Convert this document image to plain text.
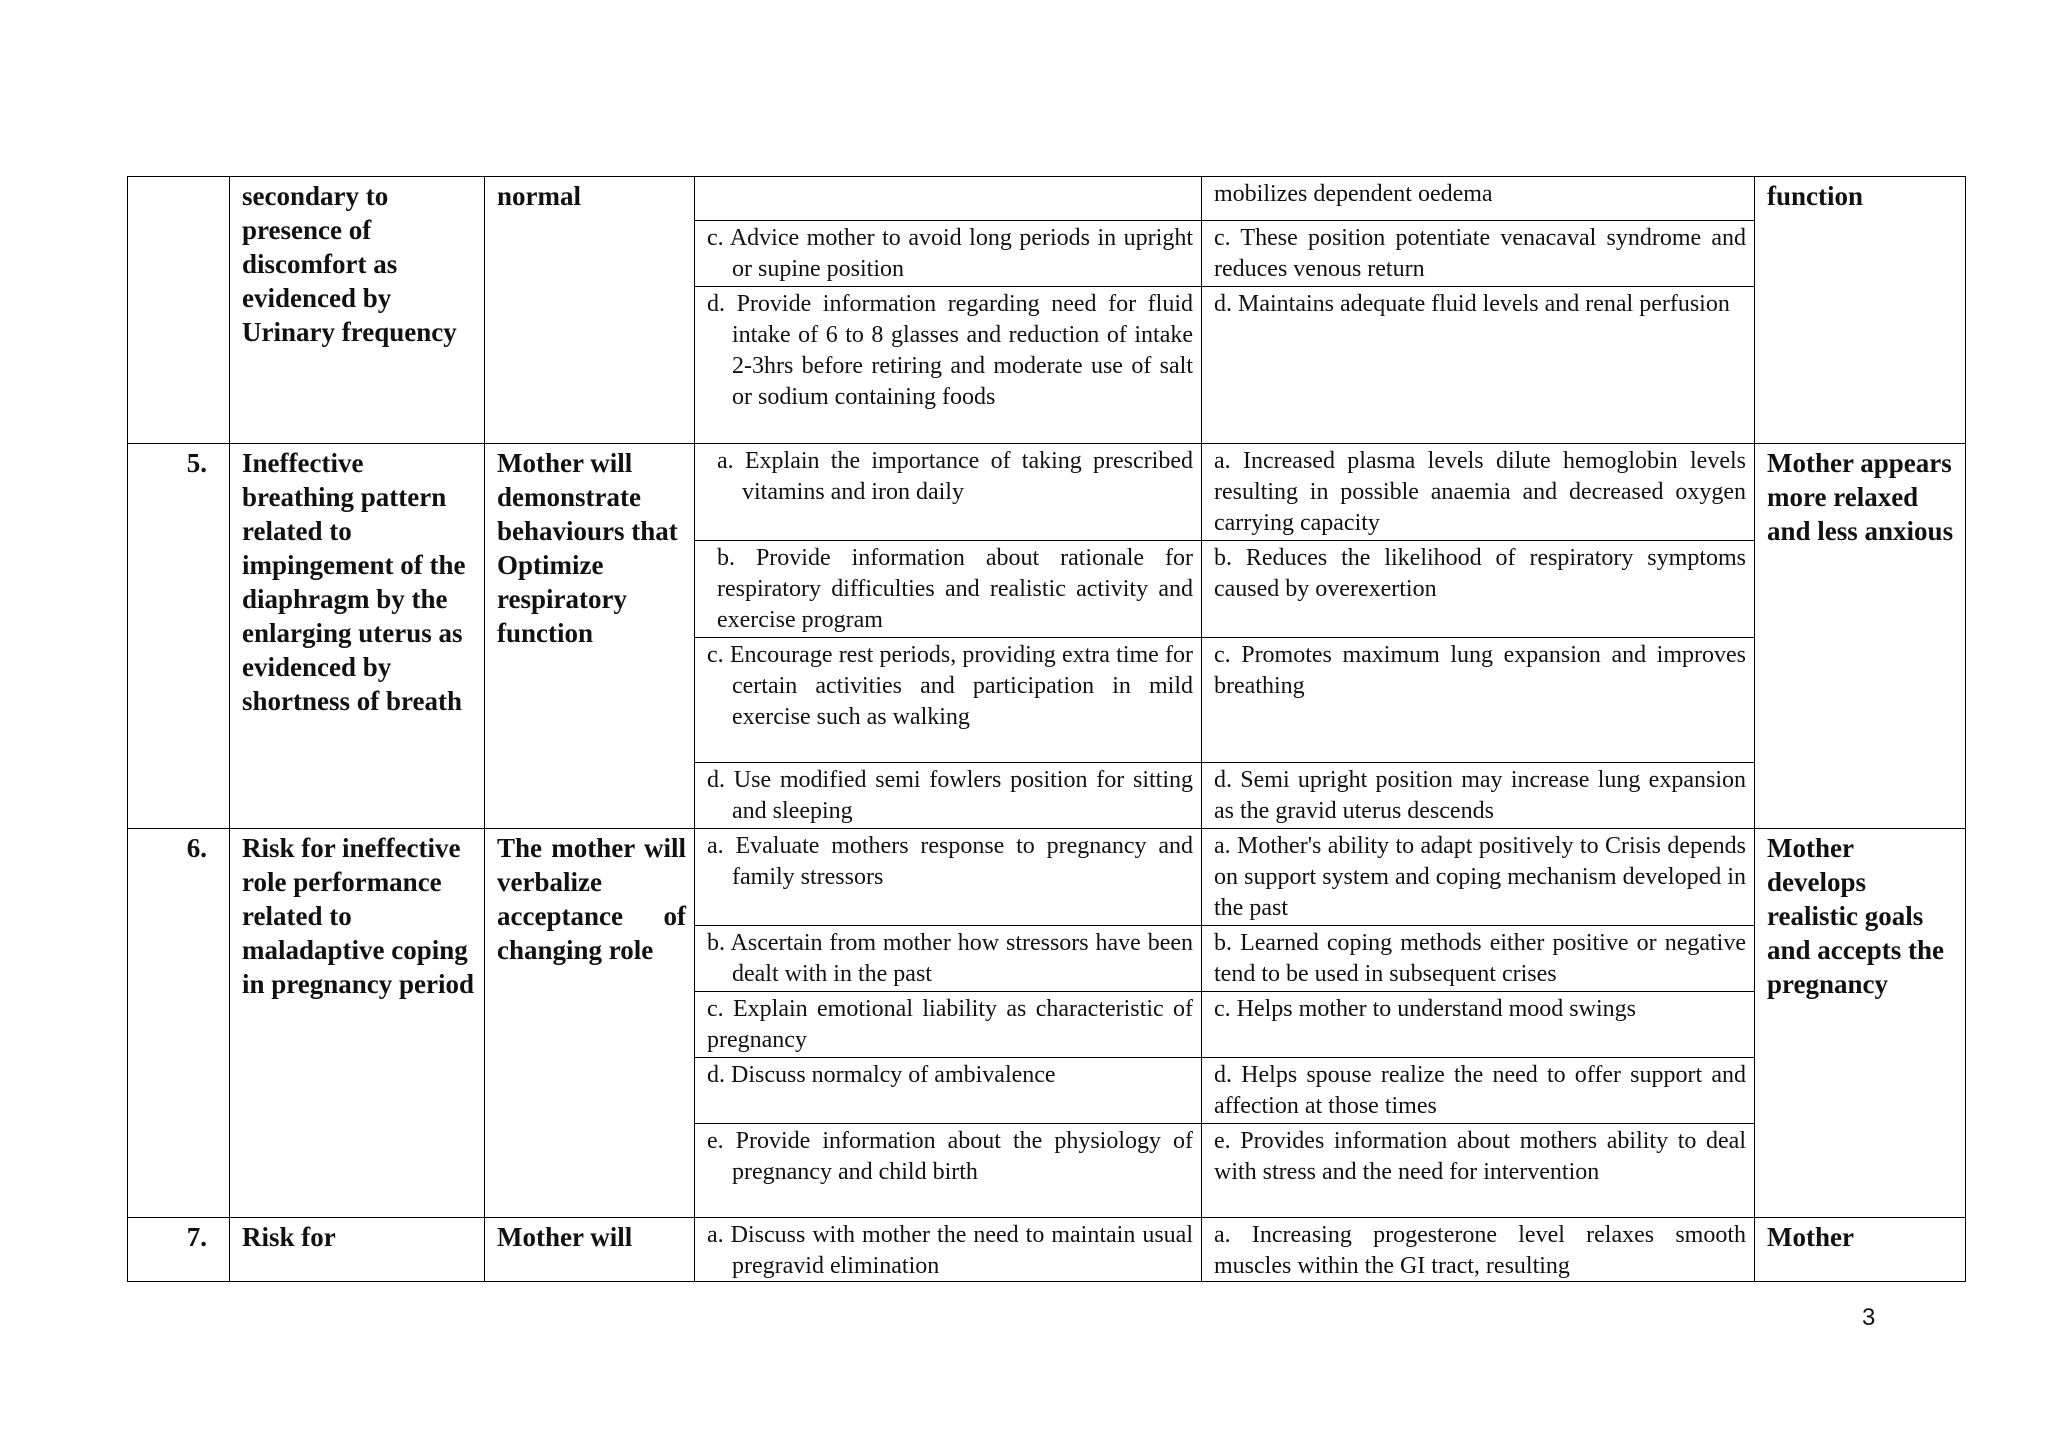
	secondary to presence of discomfort as evidenced by Urinary frequency	normal		mobilizes dependent oedema	function

			c. Advice mother to avoid long periods in upright or supine position	c. These position potentiate venacaval syndrome and reduces venous return	

			d. Provide information regarding need for fluid intake of 6 to 8 glasses and reduction of intake 2-3hrs before retiring and moderate use of salt or sodium containing foods	d. Maintains adequate fluid levels and renal perfusion	
5.	Ineffective breathing pattern related to impingement of the diaphragm by the enlarging uterus as evidenced by shortness of breath	Mother will demonstrate behaviours that Optimize respiratory function	a. Explain the importance of taking prescribed vitamins and iron daily	a. Increased plasma levels dilute hemoglobin levels resulting in possible anaemia and decreased oxygen carrying capacity	Mother appears more relaxed and less anxious

			b. Provide information about rationale for respiratory difficulties and realistic activity and exercise program	b. Reduces the likelihood of respiratory symptoms caused by overexertion	

			c. Encourage rest periods, providing extra time for certain activities and participation in mild exercise such as walking	c. Promotes maximum lung expansion and improves breathing	

			d. Use modified semi fowlers position for sitting and sleeping	d. Semi upright position may increase lung expansion as the gravid uterus descends	
6.	Risk for ineffective role performance related to maladaptive coping in pregnancy period	The mother will verbalize acceptance of changing role	a. Evaluate mothers response to pregnancy and family stressors	a. Mother's ability to adapt positively to Crisis depends on support system and coping mechanism developed in the past	Mother develops realistic goals and accepts the pregnancy

			b. Ascertain from mother how stressors have been dealt with in the past	b. Learned coping methods either positive or negative tend to be used in subsequent crises	

			c. Explain emotional liability as characteristic of pregnancy	c. Helps mother to understand mood swings	

			d. Discuss normalcy of ambivalence	d. Helps spouse realize the need to offer support and affection at those times	

			e. Provide information about the physiology of pregnancy and child birth	e. Provides information about mothers ability to deal with stress and the need for intervention	
7.	Risk for	Mother will	a. Discuss with mother the need to maintain usual pregravid elimination	a. Increasing progesterone level relaxes smooth muscles within the GI tract, resulting	Mother
3
